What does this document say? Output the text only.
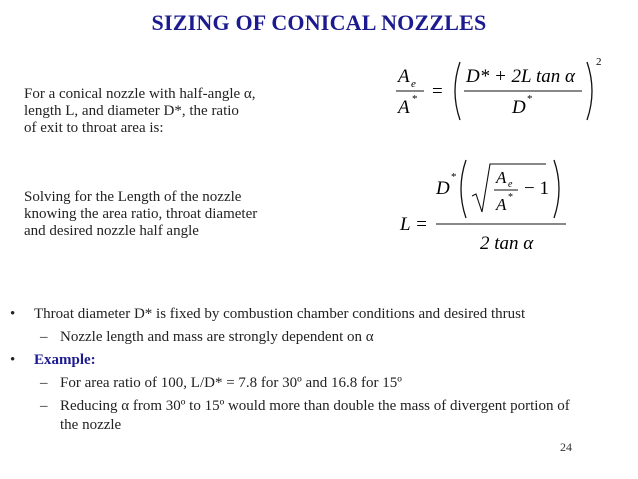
SIZING OF CONICAL NOZZLES
For a conical nozzle with half-angle α,
length L, and diameter D*, the ratio
of exit to throat area is:
Solving for the Length of the nozzle
knowing the area ratio, throat diameter
and desired nozzle half angle
A e
A * =
D* + 2L tan α
D *
2
L =
D
* A e
A * − 1
2 tan α
• Throat diameter D* is fixed by combustion chamber conditions and desired thrust
– Nozzle length and mass are strongly dependent on α
• Example:
– For area ratio of 100, L/D* = 7.8 for 30º and 16.8 for 15º
– Reducing α from 30º to 15º would more than double the mass of divergent portion of the nozzle
24
